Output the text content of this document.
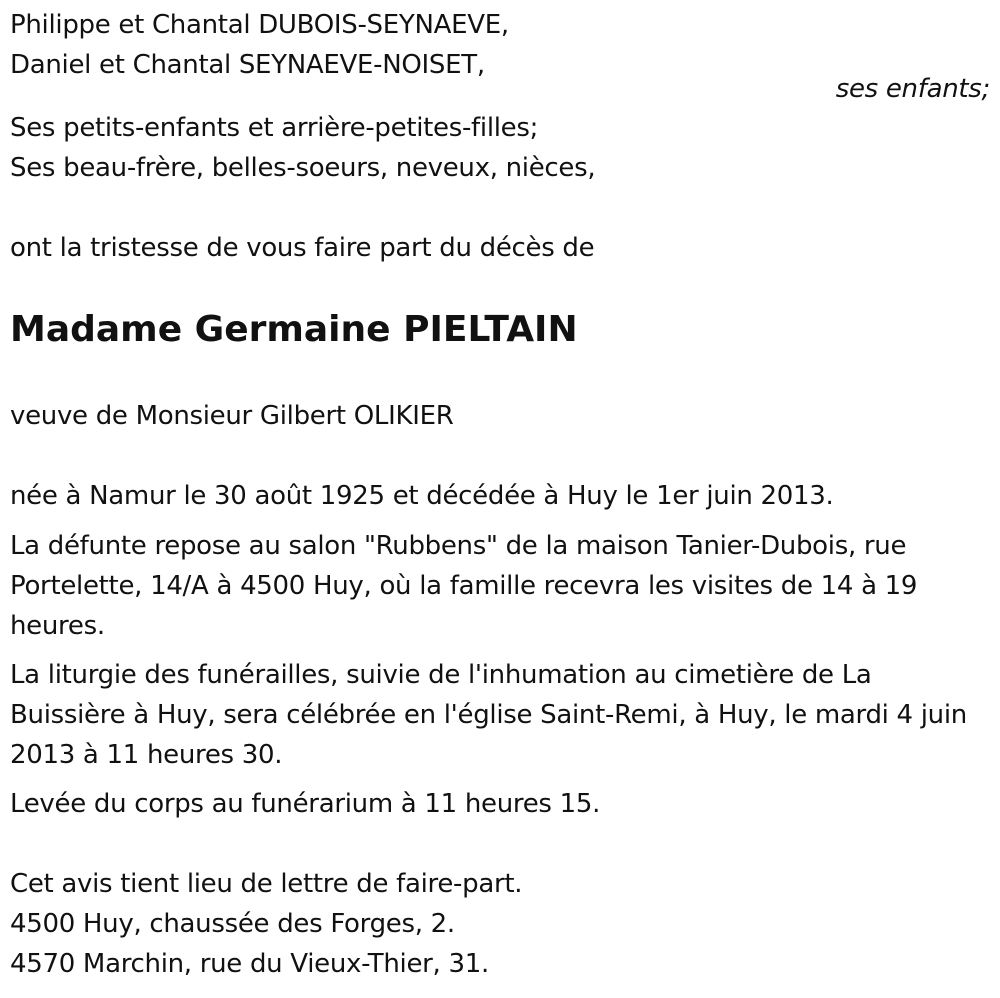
Philippe et Chantal DUBOIS-SEYNAEVE,
Daniel et Chantal SEYNAEVE-NOISET,
ses enfants;
Ses petits-enfants et arrière-petites-filles;
Ses beau-frère, belles-soeurs, neveux, nièces,
ont la tristesse de vous faire part du décès de
Madame Germaine PIELTAIN
veuve de Monsieur Gilbert OLIKIER
née à Namur le 30 août 1925 et décédée à Huy le 1er juin 2013.
La défunte repose au salon "Rubbens" de la maison Tanier-Dubois, rue Portelette, 14/A à 4500 Huy, où la famille recevra les visites de 14 à 19 heures.
La liturgie des funérailles, suivie de l'inhumation au cimetière de La Buissière à Huy, sera célébrée en l'église Saint-Remi, à Huy, le mardi 4 juin 2013 à 11 heures 30.
Levée du corps au funérarium à 11 heures 15.
Cet avis tient lieu de lettre de faire-part.
4500 Huy, chaussée des Forges, 2.
4570 Marchin, rue du Vieux-Thier, 31.
